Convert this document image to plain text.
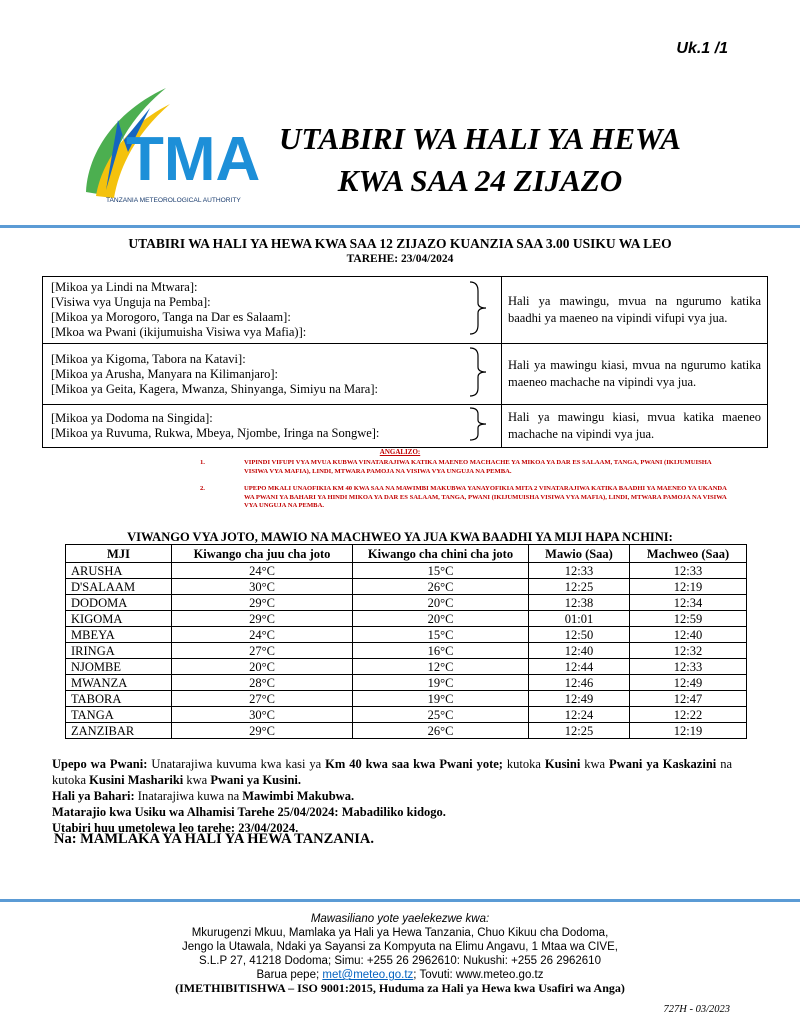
Uk.1 /1
TMA
TANZANIA METEOROLOGICAL AUTHORITY
UTABIRI WA HALI YA HEWA
KWA SAA 24 ZIJAZO
UTABIRI WA HALI YA HEWA KWA SAA 12 ZIJAZO KUANZIA SAA 3.00 USIKU WA LEO
TAREHE: 23/04/2024
[Mikoa ya Lindi na Mtwara]:
[Visiwa vya Unguja na Pemba]:
[Mikoa ya Morogoro, Tanga na Dar es Salaam]:
[Mkoa wa Pwani (ikijumuisha Visiwa vya Mafia)]:		Hali ya mawingu, mvua na ngurumo katika baadhi ya maeneo na vipindi vifupi vya jua.

[Mikoa ya Kigoma, Tabora na Katavi]:
[Mikoa ya Arusha, Manyara na Kilimanjaro]:
[Mikoa ya Geita, Kagera, Mwanza, Shinyanga, Simiyu na Mara]:		Hali ya mawingu kiasi, mvua na ngurumo katika maeneo machache na vipindi vya jua.

[Mikoa ya Dodoma na Singida]:
[Mikoa ya Ruvuma, Rukwa, Mbeya, Njombe, Iringa na Songwe]:		Hali ya mawingu kiasi, mvua katika maeneo machache na vipindi vya jua.
ANGALIZO:
1.	VIPINDI VIFUPI VYA MVUA KUBWA VINATARAJIWA KATIKA MAENEO MACHACHE YA MIKOA YA DAR ES SALAAM, TANGA, PWANI (IKIJUMUISHA VISIWA VYA MAFIA), LINDI, MTWARA PAMOJA NA VISIWA VYA UNGUJA NA PEMBA.
2.	UPEPO MKALI UNAOFIKIA KM 40 KWA SAA NA MAWIMBI MAKUBWA YANAYOFIKIA MITA 2 VINATARAJIWA KATIKA BAADHI YA MAENEO YA UKANDA WA PWANI YA BAHARI YA HINDI MIKOA YA DAR ES SALAAM, TANGA, PWANI (IKIJUMUISHA VISIWA VYA MAFIA), LINDI, MTWARA PAMOJA NA VISIWA VYA UNGUJA NA PEMBA.
VIWANGO VYA JOTO, MAWIO NA MACHWEO YA JUA KWA BAADHI YA MIJI HAPA NCHINI:
MJI	Kiwango cha juu cha joto	Kiwango cha chini cha joto	Mawio (Saa)	Machweo (Saa)
ARUSHA	24°C	15°C	12:33	12:33
D'SALAAM	30°C	26°C	12:25	12:19
DODOMA	29°C	20°C	12:38	12:34
KIGOMA	29°C	20°C	01:01	12:59
MBEYA	24°C	15°C	12:50	12:40
IRINGA	27°C	16°C	12:40	12:32
NJOMBE	20°C	12°C	12:44	12:33
MWANZA	28°C	19°C	12:46	12:49
TABORA	27°C	19°C	12:49	12:47
TANGA	30°C	25°C	12:24	12:22
ZANZIBAR	29°C	26°C	12:25	12:19

Upepo wa Pwani: Unatarajiwa kuvuma kwa kasi ya Km 40 kwa saa kwa Pwani yote; kutoka Kusini kwa Pwani ya Kaskazini na kutoka Kusini Mashariki kwa Pwani ya Kusini.

Hali ya Bahari: Inatarajiwa kuwa na Mawimbi Makubwa.

Matarajio kwa Usiku wa Alhamisi Tarehe 25/04/2024: Mabadiliko kidogo.

Utabiri huu umetolewa leo tarehe: 23/04/2024.

Na: MAMLAKA YA HALI YA HEWA TANZANIA.
Mawasiliano yote yaelekezwe kwa:
Mkurugenzi Mkuu, Mamlaka ya Hali ya Hewa Tanzania, Chuo Kikuu cha Dodoma,
Jengo la Utawala, Ndaki ya Sayansi za Kompyuta na Elimu Angavu, 1 Mtaa wa CIVE,
S.L.P 27, 41218 Dodoma; Simu: +255 26 2962610: Nukushi: +255 26 2962610
Barua pepe; met@meteo.go.tz; Tovuti: www.meteo.go.tz
(IMETHIBITISHWA – ISO 9001:2015, Huduma za Hali ya Hewa kwa Usafiri wa Anga)
727H - 03/2023
